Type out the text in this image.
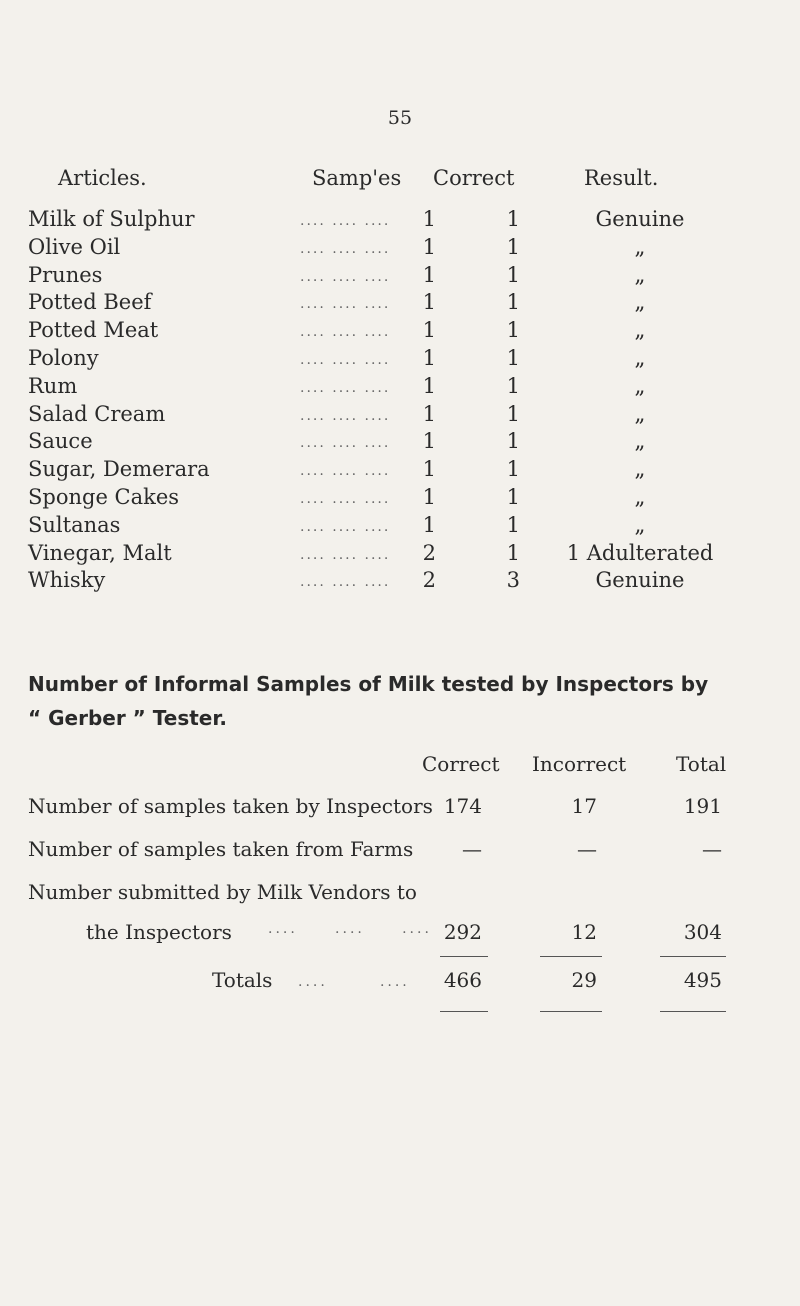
55
Articles.	Samp'es Correct	Result.
Milk of Sulphur	.... .... .... 1	1	Genuine
Olive Oil	.... .... .... 1	1	„
Prunes	.... .... .... 1	1	„
Potted Beef	.... .... .... 1	1	„
Potted Meat	.... .... .... 1	1	„
Polony	.... .... .... 1	1	„
Rum	.... .... .... 1	1	„
Salad Cream	.... .... .... 1	1	„
Sauce	.... .... .... 1	1	„
Sugar, Demerara	.... .... .... 1	1	„
Sponge Cakes	.... .... .... 1	1	„
Sultanas	.... .... .... 1	1	„
Vinegar, Malt	.... .... .... 2	1	1 Adulterated
Whisky	.... .... .... 2	3	Genuine
Number of Informal Samples of Milk tested by Inspectors by
“ Gerber ” Tester.
Correct Incorrect Total
Number of samples taken by Inspectors 174	17	191
Number of samples taken from Farms	—	—	—
Number submitted by Milk Vendors to
the Inspectors	....     ....     .... 292	12	304
Totals ....       ....	466	29	495
